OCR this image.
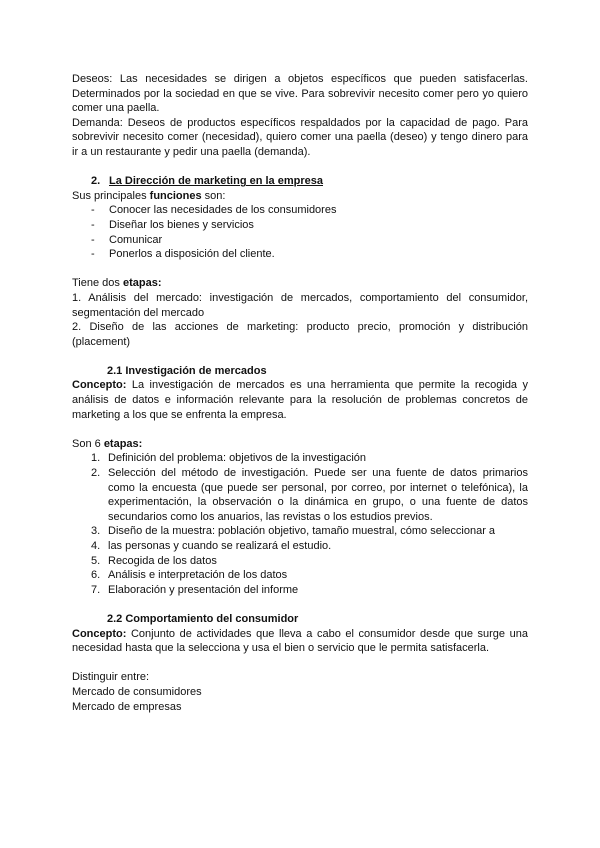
Deseos: Las necesidades se dirigen a objetos específicos que pueden satisfacerlas. Determinados por la sociedad en que se vive. Para sobrevivir necesito comer pero yo quiero comer una paella.

Demanda: Deseos de productos específicos respaldados por la capacidad de pago. Para sobrevivir necesito comer (necesidad), quiero comer una paella (deseo) y tengo dinero para ir a un restaurante y pedir una paella (demanda).

2. La Dirección de marketing en la empresa

Sus principales funciones son:

- Conocer las necesidades de los consumidores
- Diseñar los bienes y servicios
- Comunicar
- Ponerlos a disposición del cliente.

Tiene dos etapas:

1. Análisis del mercado: investigación de mercados, comportamiento del consumidor, segmentación del mercado

2. Diseño de las acciones de marketing: producto precio, promoción y distribución (placement)

2.1 Investigación de mercados

Concepto: La investigación de mercados es una herramienta que permite la recogida y análisis de datos e información relevante para la resolución de problemas concretos de marketing a los que se enfrenta la empresa.

Son 6 etapas:

1. Definición del problema: objetivos de la investigación
2. Selección del método de investigación. Puede ser una fuente de datos primarios como la encuesta (que puede ser personal, por correo, por internet o telefónica), la experimentación, la observación o la dinámica en grupo, o una fuente de datos secundarios como los anuarios, las revistas o los estudios previos.
3. Diseño de la muestra: población objetivo, tamaño muestral, cómo seleccionar a
4. las personas y cuando se realizará el estudio.
5. Recogida de los datos
6. Análisis e interpretación de los datos
7. Elaboración y presentación del informe

2.2 Comportamiento del consumidor

Concepto: Conjunto de actividades que lleva a cabo el consumidor desde que surge una necesidad hasta que la selecciona y usa el bien o servicio que le permita satisfacerla.

Distinguir entre:

Mercado de consumidores

Mercado de empresas
